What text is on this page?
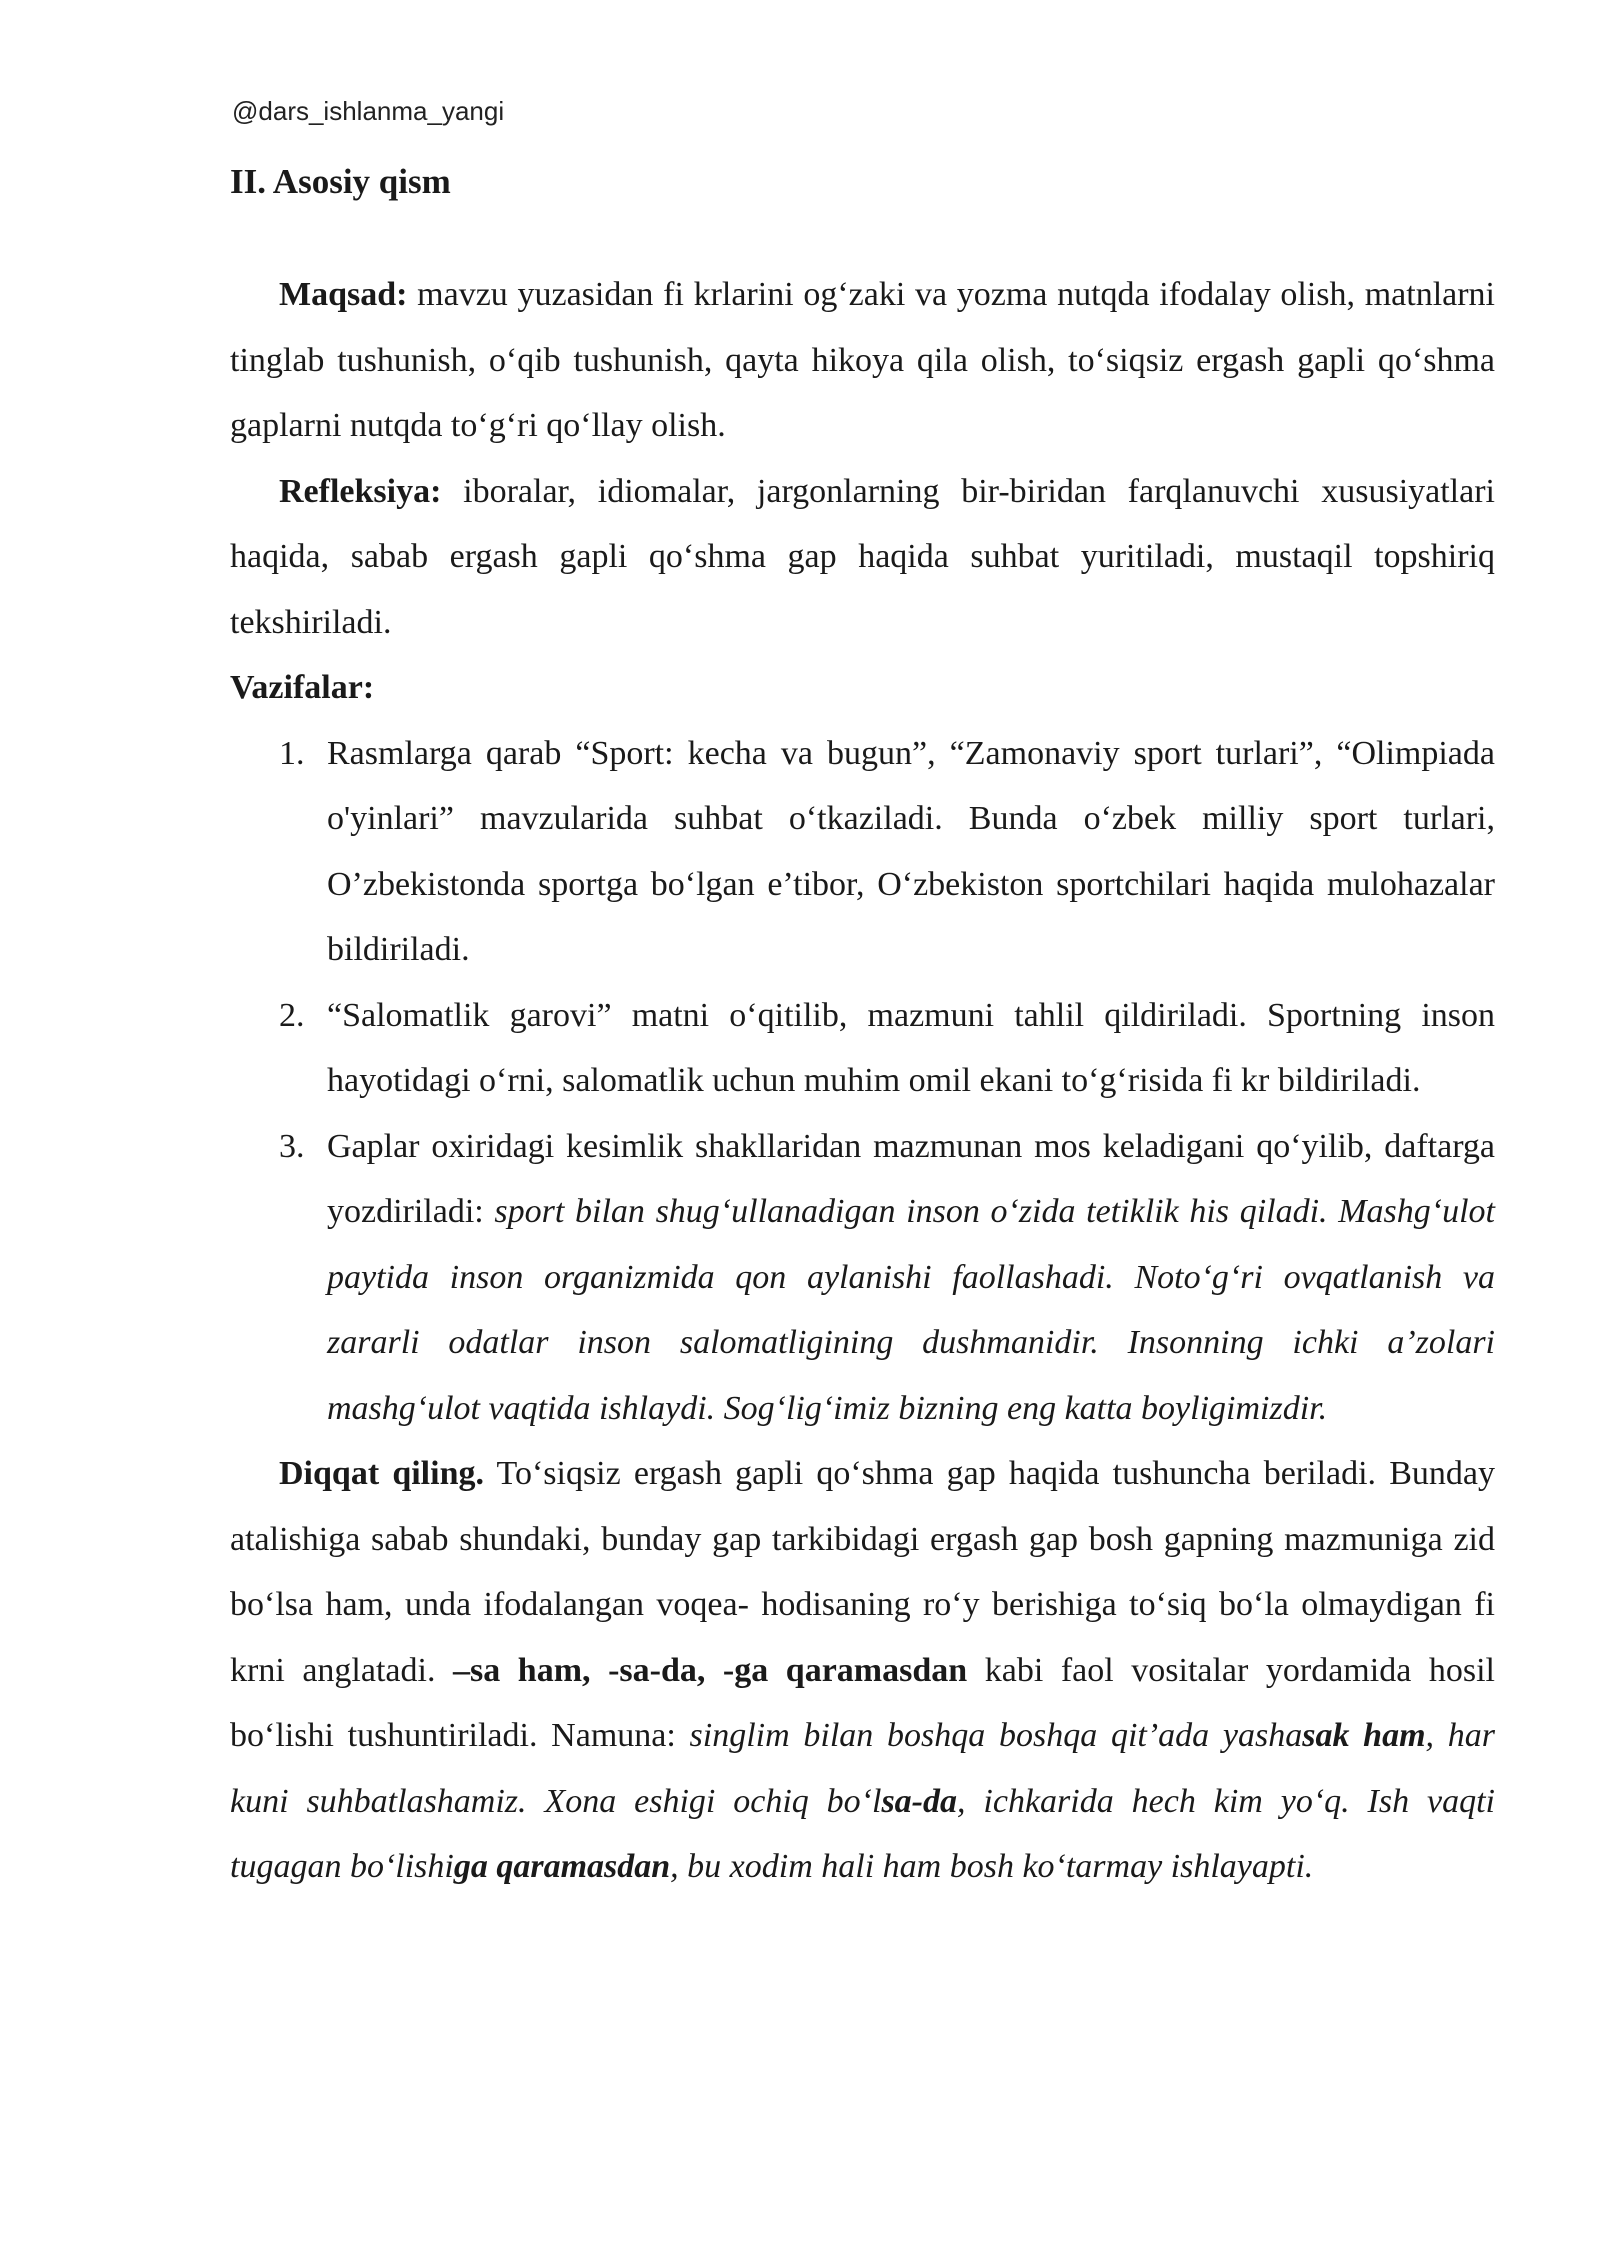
@dars_ishlanma_yangi
II. Asosiy qism

Maqsad: mavzu yuzasidan fi krlarini og‘zaki va yozma nutqda ifodalay olish, matnlarni tinglab tushunish, o‘qib tushunish, qayta hikoya qila olish, to‘siqsiz ergash gapli qo‘shma gaplarni nutqda to‘g‘ri qo‘llay olish.

Refleksiya: iboralar, idiomalar, jargonlarning bir-biridan farqlanuvchi xususiyatlari haqida, sabab ergash gapli qo‘shma gap haqida suhbat yuritiladi, mustaqil topshiriq tekshiriladi.

Vazifalar:

1. Rasmlarga qarab “Sport: kecha va bugun”, “Zamonaviy sport turlari”, “Olimpiada o'yinlari” mavzularida suhbat o‘tkaziladi. Bunda o‘zbek milliy sport turlari, O’zbekistonda sportga bo‘lgan e’tibor, O‘zbekiston sportchilari haqida mulohazalar bildiriladi.
2. “Salomatlik garovi” matni o‘qitilib, mazmuni tahlil qildiriladi. Sportning inson hayotidagi o‘rni, salomatlik uchun muhim omil ekani to‘g‘risida fi kr bildiriladi.
3. Gaplar oxiridagi kesimlik shakllaridan mazmunan mos keladigani qo‘yilib, daftarga yozdiriladi: sport bilan shug‘ullanadigan inson o‘zida tetiklik his qiladi. Mashg‘ulot paytida inson organizmida qon aylanishi faollashadi. Noto‘g‘ri ovqatlanish va zararli odatlar inson salomatligining dushmanidir. Insonning ichki a’zolari mashg‘ulot vaqtida ishlaydi. Sog‘lig‘imiz bizning eng katta boyligimizdir.

Diqqat qiling. To‘siqsiz ergash gapli qo‘shma gap haqida tushuncha beriladi. Bunday atalishiga sabab shundaki, bunday gap tarkibidagi ergash gap bosh gapning mazmuniga zid bo‘lsa ham, unda ifodalangan voqea- hodisaning ro‘y berishiga to‘siq bo‘la olmaydigan fi krni anglatadi. –sa ham, -sa-da, -ga qaramasdan kabi faol vositalar yordamida hosil bo‘lishi tushuntiriladi. Namuna: singlim bilan boshqa boshqa qit’ada yashasak ham, har kuni suhbatlashamiz. Xona eshigi ochiq bo‘lsa-da, ichkarida hech kim yo‘q. Ish vaqti tugagan bo‘lishiga qaramasdan, bu xodim hali ham bosh ko‘tarmay ishlayapti.
